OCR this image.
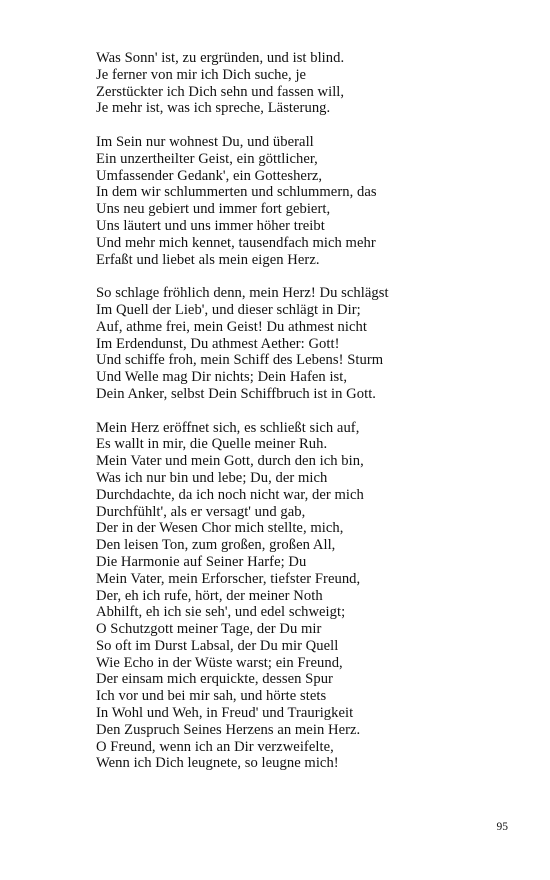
Was Sonn' ist, zu ergründen, und ist blind.
Je ferner von mir ich Dich suche, je
Zerstückter ich Dich sehn und fassen will,
Je mehr ist, was ich spreche, Lästerung.
Im Sein nur wohnest Du, und überall
Ein unzertheilter Geist, ein göttlicher,
Umfassender Gedank', ein Gottesherz,
In dem wir schlummerten und schlummern, das
Uns neu gebiert und immer fort gebiert,
Uns läutert und uns immer höher treibt
Und mehr mich kennet, tausendfach mich mehr
Erfaßt und liebet als mein eigen Herz.
So schlage fröhlich denn, mein Herz! Du schlägst
Im Quell der Lieb', und dieser schlägt in Dir;
Auf, athme frei, mein Geist! Du athmest nicht
Im Erdendunst, Du athmest Aether: Gott!
Und schiffe froh, mein Schiff des Lebens! Sturm
Und Welle mag Dir nichts; Dein Hafen ist,
Dein Anker, selbst Dein Schiffbruch ist in Gott.
Mein Herz eröffnet sich, es schließt sich auf,
Es wallt in mir, die Quelle meiner Ruh.
Mein Vater und mein Gott, durch den ich bin,
Was ich nur bin und lebe; Du, der mich
Durchdachte, da ich noch nicht war, der mich
Durchfühlt', als er versagt' und gab,
Der in der Wesen Chor mich stellte, mich,
Den leisen Ton, zum großen, großen All,
Die Harmonie auf Seiner Harfe; Du
Mein Vater, mein Erforscher, tiefster Freund,
Der, eh ich rufe, hört, der meiner Noth
Abhilft, eh ich sie seh', und edel schweigt;
O Schutzgott meiner Tage, der Du mir
So oft im Durst Labsal, der Du mir Quell
Wie Echo in der Wüste warst; ein Freund,
Der einsam mich erquickte, dessen Spur
Ich vor und bei mir sah, und hörte stets
In Wohl und Weh, in Freud' und Traurigkeit
Den Zuspruch Seines Herzens an mein Herz.
O Freund, wenn ich an Dir verzweifelte,
Wenn ich Dich leugnete, so leugne mich!
95
